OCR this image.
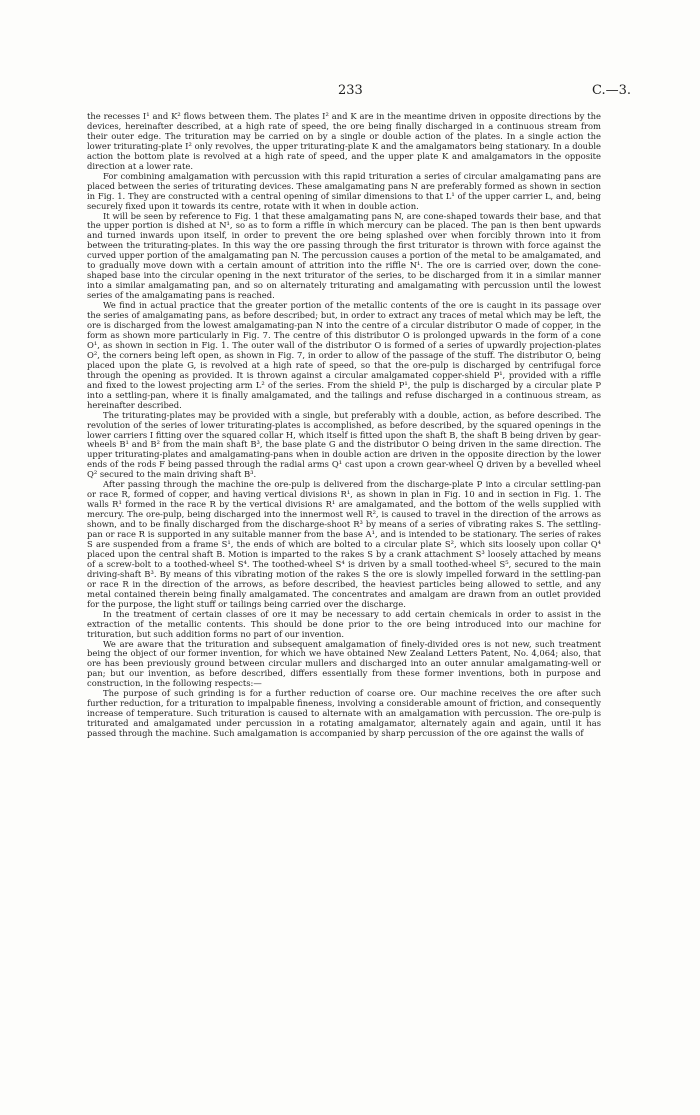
233	C.—3.

the recesses I¹ and K² flows between them. The plates I² and K are in the meantime driven in opposite directions by the devices, hereinafter described, at a high rate of speed, the ore being finally discharged in a continuous stream from their outer edge. The trituration may be carried on by a single or double action of the plates. In a single action the lower triturating-plate I² only revolves, the upper triturating-plate K and the amalgamators being stationary. In a double action the bottom plate is revolved at a high rate of speed, and the upper plate K and amalgamators in the opposite direction at a lower rate.

For combining amalgamation with percussion with this rapid trituration a series of circular amalgamating pans are placed between the series of triturating devices. These amalgamating pans N are preferably formed as shown in section in Fig. 1. They are constructed with a central opening of similar dimensions to that L¹ of the upper carrier L, and, being securely fixed upon it towards its centre, rotate with it when in double action.

It will be seen by reference to Fig. 1 that these amalgamating pans N, are cone-shaped towards their base, and that the upper portion is dished at N¹, so as to form a riffle in which mercury can be placed. The pan is then bent upwards and turned inwards upon itself, in order to prevent the ore being splashed over when forcibly thrown into it from between the triturating-plates. In this way the ore passing through the first triturator is thrown with force against the curved upper portion of the amalgamating pan N. The percussion causes a portion of the metal to be amalgamated, and to gradually move down with a certain amount of attrition into the riffle N¹. The ore is carried over, down the cone-shaped base into the circular opening in the next triturator of the series, to be discharged from it in a similar manner into a similar amalgamating pan, and so on alternately triturating and amalgamating with percussion until the lowest series of the amalgamating pans is reached.

We find in actual practice that the greater portion of the metallic contents of the ore is caught in its passage over the series of amalgamating pans, as before described; but, in order to extract any traces of metal which may be left, the ore is discharged from the lowest amalgamating-pan N into the centre of a circular distributor O made of copper, in the form as shown more particularly in Fig. 7. The centre of this distributor O is prolonged upwards in the form of a cone O¹, as shown in section in Fig. 1. The outer wall of the distributor O is formed of a series of upwardly projection-plates O², the corners being left open, as shown in Fig. 7, in order to allow of the passage of the stuff. The distributor O, being placed upon the plate G, is revolved at a high rate of speed, so that the ore-pulp is discharged by centrifugal force through the opening as provided. It is thrown against a circular amalgamated copper-shield P¹, provided with a riffle and fixed to the lowest projecting arm L² of the series. From the shield P¹, the pulp is discharged by a circular plate P into a settling-pan, where it is finally amalgamated, and the tailings and refuse discharged in a continuous stream, as hereinafter described.

The triturating-plates may be provided with a single, but preferably with a double, action, as before described. The revolution of the series of lower triturating-plates is accomplished, as before described, by the squared openings in the lower carriers I fitting over the squared collar H, which itself is fitted upon the shaft B, the shaft B being driven by gear-wheels B¹ and B² from the main shaft B³, the base plate G and the distributor O being driven in the same direction. The upper triturating-plates and amalgamating-pans when in double action are driven in the opposite direction by the lower ends of the rods F being passed through the radial arms Q¹ cast upon a crown gear-wheel Q driven by a bevelled wheel Q² secured to the main driving shaft B³.

After passing through the machine the ore-pulp is delivered from the discharge-plate P into a circular settling-pan or race R, formed of copper, and having vertical divisions R¹, as shown in plan in Fig. 10 and in section in Fig. 1. The walls R¹ formed in the race R by the vertical divisions R¹ are amalgamated, and the bottom of the wells supplied with mercury. The ore-pulp, being discharged into the innermost well R², is caused to travel in the direction of the arrows as shown, and to be finally discharged from the discharge-shoot R³ by means of a series of vibrating rakes S. The settling-pan or race R is supported in any suitable manner from the base A¹, and is intended to be stationary. The series of rakes S are suspended from a frame S¹, the ends of which are bolted to a circular plate S², which sits loosely upon collar Q⁴ placed upon the central shaft B. Motion is imparted to the rakes S by a crank attachment S³ loosely attached by means of a screw-bolt to a toothed-wheel S⁴. The toothed-wheel S⁴ is driven by a small toothed-wheel S⁵, secured to the main driving-shaft B³. By means of this vibrating motion of the rakes S the ore is slowly impelled forward in the settling-pan or race R in the direction of the arrows, as before described, the heaviest particles being allowed to settle, and any metal contained therein being finally amalgamated. The concentrates and amalgam are drawn from an outlet provided for the purpose, the light stuff or tailings being carried over the discharge.

In the treatment of certain classes of ore it may be necessary to add certain chemicals in order to assist in the extraction of the metallic contents. This should be done prior to the ore being introduced into our machine for trituration, but such addition forms no part of our invention.

We are aware that the trituration and subsequent amalgamation of finely-divided ores is not new, such treatment being the object of our former invention, for which we have obtained New Zealand Letters Patent, No. 4,064; also, that ore has been previously ground between circular mullers and discharged into an outer annular amalgamating-well or pan; but our invention, as before described, differs essentially from these former inventions, both in purpose and construction, in the following respects:—

The purpose of such grinding is for a further reduction of coarse ore. Our machine receives the ore after such further reduction, for a trituration to impalpable fineness, involving a considerable amount of friction, and consequently increase of temperature. Such trituration is caused to alternate with an amalgamation with percussion. The ore-pulp is triturated and amalgamated under percussion in a rotating amalgamator, alternately again and again, until it has passed through the machine. Such amalgamation is accompanied by sharp percussion of the ore against the walls of
